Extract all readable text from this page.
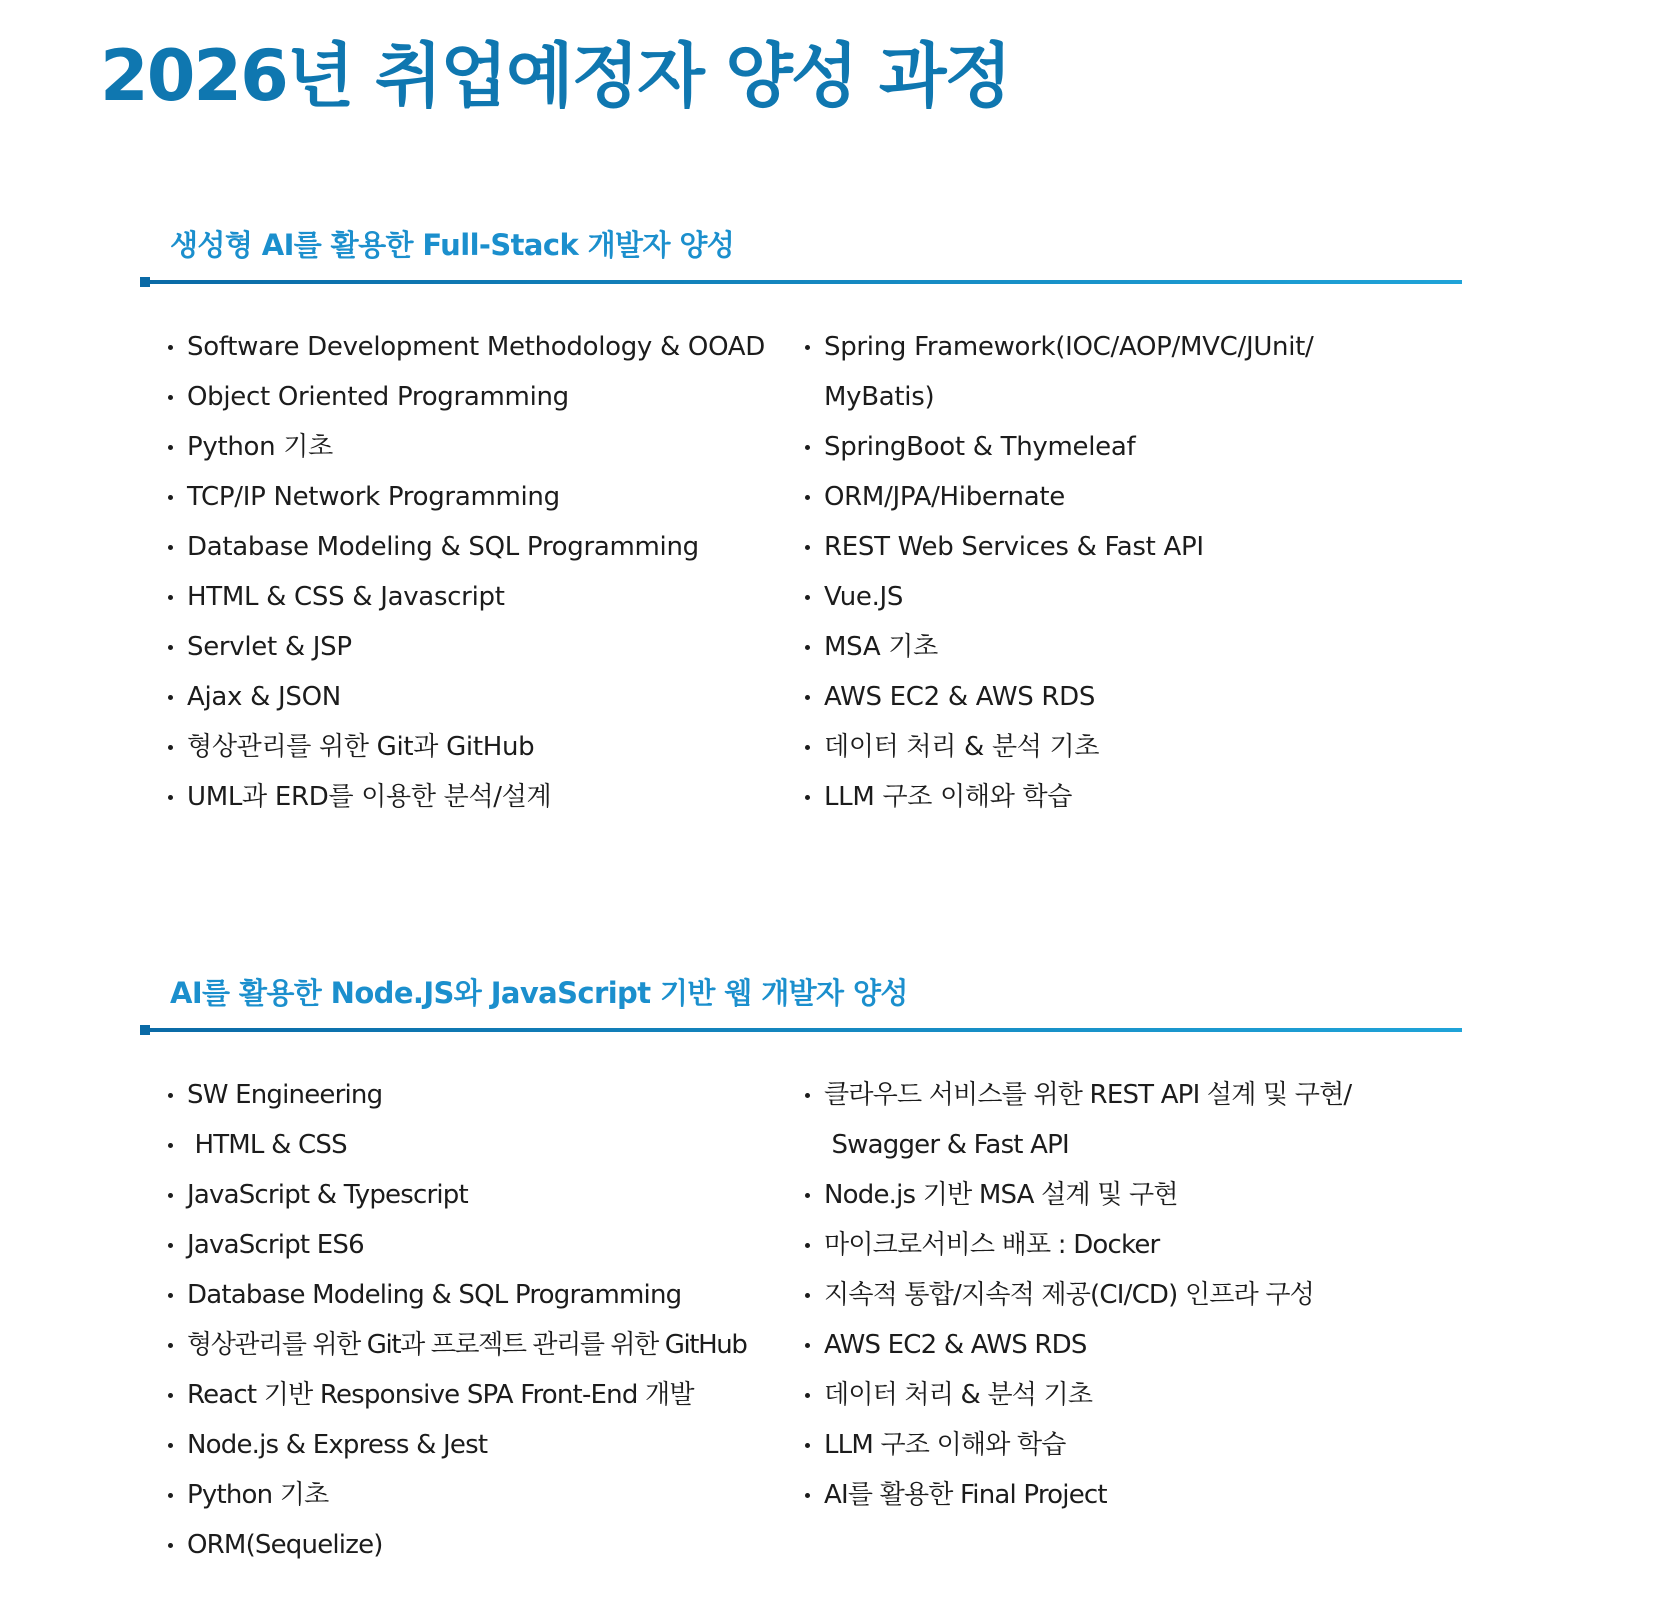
2026년 취업예정자 양성 과정
생성형 AI를 활용한 Full-Stack 개발자 양성
Software Development Methodology & OOAD
Object Oriented Programming
Python 기초
TCP/IP Network Programming
Database Modeling & SQL Programming
HTML & CSS & Javascript
Servlet & JSP
Ajax & JSON
형상관리를 위한 Git과 GitHub
UML과 ERD를 이용한 분석/설계
Spring Framework(IOC/AOP/MVC/JUnit/
MyBatis)
SpringBoot & Thymeleaf
ORM/JPA/Hibernate
REST Web Services & Fast API
Vue.JS
MSA 기초
AWS EC2 & AWS RDS
데이터 처리 & 분석 기초
LLM 구조 이해와 학습
AI를 활용한 Node.JS와 JavaScript 기반 웹 개발자 양성
SW Engineering
HTML & CSS
JavaScript & Typescript
JavaScript ES6
Database Modeling & SQL Programming
형상관리를 위한 Git과 프로젝트 관리를 위한 GitHub
React 기반 Responsive SPA Front-End 개발
Node.js & Express & Jest
Python 기초
ORM(Sequelize)
클라우드 서비스를 위한 REST API 설계 및 구현/
Swagger & Fast API
Node.js 기반 MSA 설계 및 구현
마이크로서비스 배포 : Docker
지속적 통합/지속적 제공(CI/CD) 인프라 구성
AWS EC2 & AWS RDS
데이터 처리 & 분석 기초
LLM 구조 이해와 학습
AI를 활용한 Final Project
